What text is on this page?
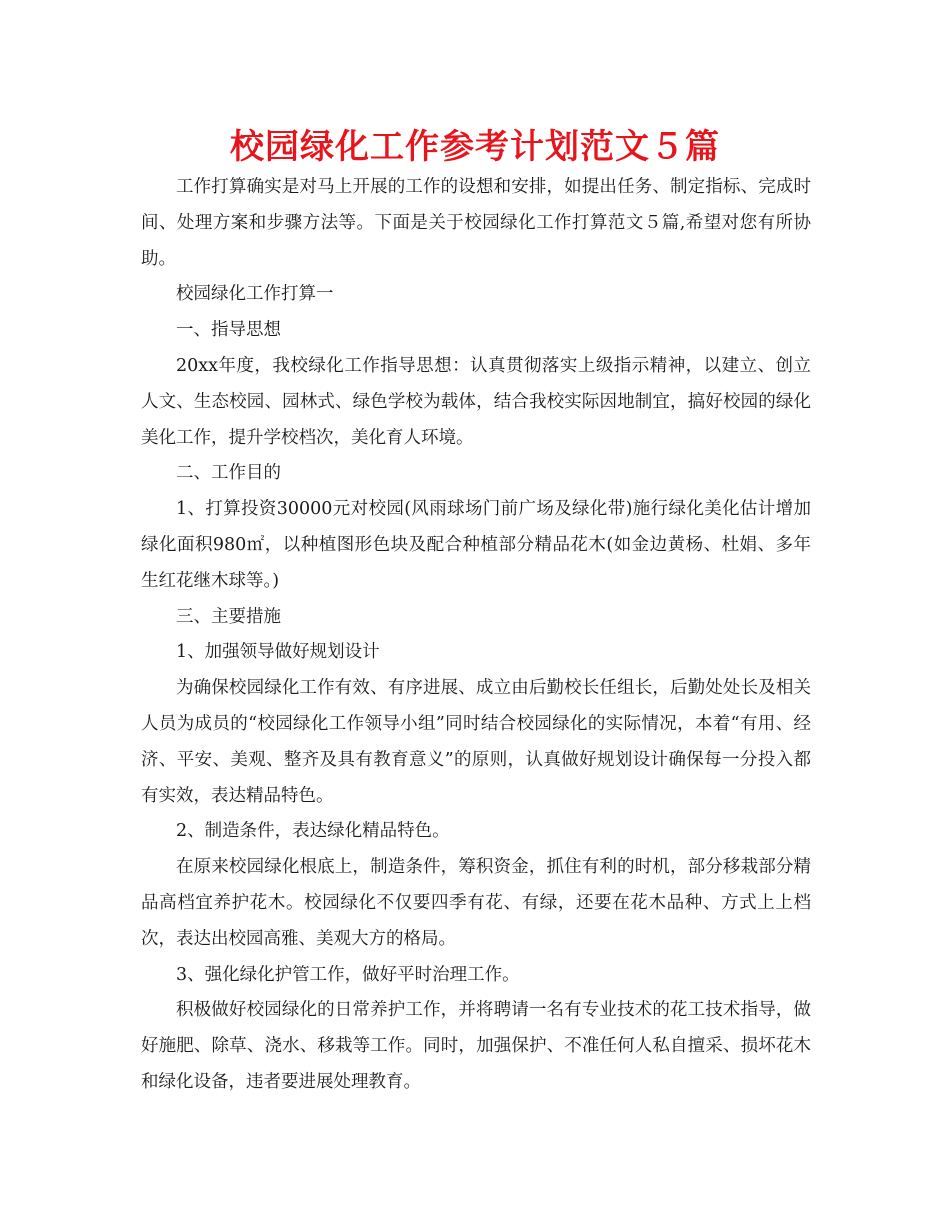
校园绿化工作参考计划范文５篇

工作打算确实是对马上开展的工作的设想和安排，如提出任务、制定指标、完成时间、处理方案和步骤方法等。下面是关于校园绿化工作打算范文５篇,希望对您有所协助。

校园绿化工作打算一

一、指导思想

20xx年度，我校绿化工作指导思想：认真贯彻落实上级指示精神，以建立、创立人文、生态校园、园林式、绿色学校为载体，结合我校实际因地制宜，搞好校园的绿化美化工作，提升学校档次，美化育人环境。

二、工作目的

1、打算投资30000元对校园(风雨球场门前广场及绿化带)施行绿化美化估计增加绿化面积980㎡，以种植图形色块及配合种植部分精品花木(如金边黄杨、杜娟、多年生红花继木球等。)

三、主要措施

1、加强领导做好规划设计

为确保校园绿化工作有效、有序进展、成立由后勤校长任组长，后勤处处长及相关人员为成员的“校园绿化工作领导小组”同时结合校园绿化的实际情况，本着“有用、经济、平安、美观、整齐及具有教育意义”的原则，认真做好规划设计确保每一分投入都有实效，表达精品特色。

2、制造条件，表达绿化精品特色。

在原来校园绿化根底上，制造条件，筹积资金，抓住有利的时机，部分移栽部分精品高档宜养护花木。校园绿化不仅要四季有花、有绿，还要在花木品种、方式上上档次，表达出校园高雅、美观大方的格局。

3、强化绿化护管工作，做好平时治理工作。

积极做好校园绿化的日常养护工作，并将聘请一名有专业技术的花工技术指导，做好施肥、除草、浇水、移栽等工作。同时，加强保护、不准任何人私自擅采、损坏花木和绿化设备，违者要进展处理教育。
